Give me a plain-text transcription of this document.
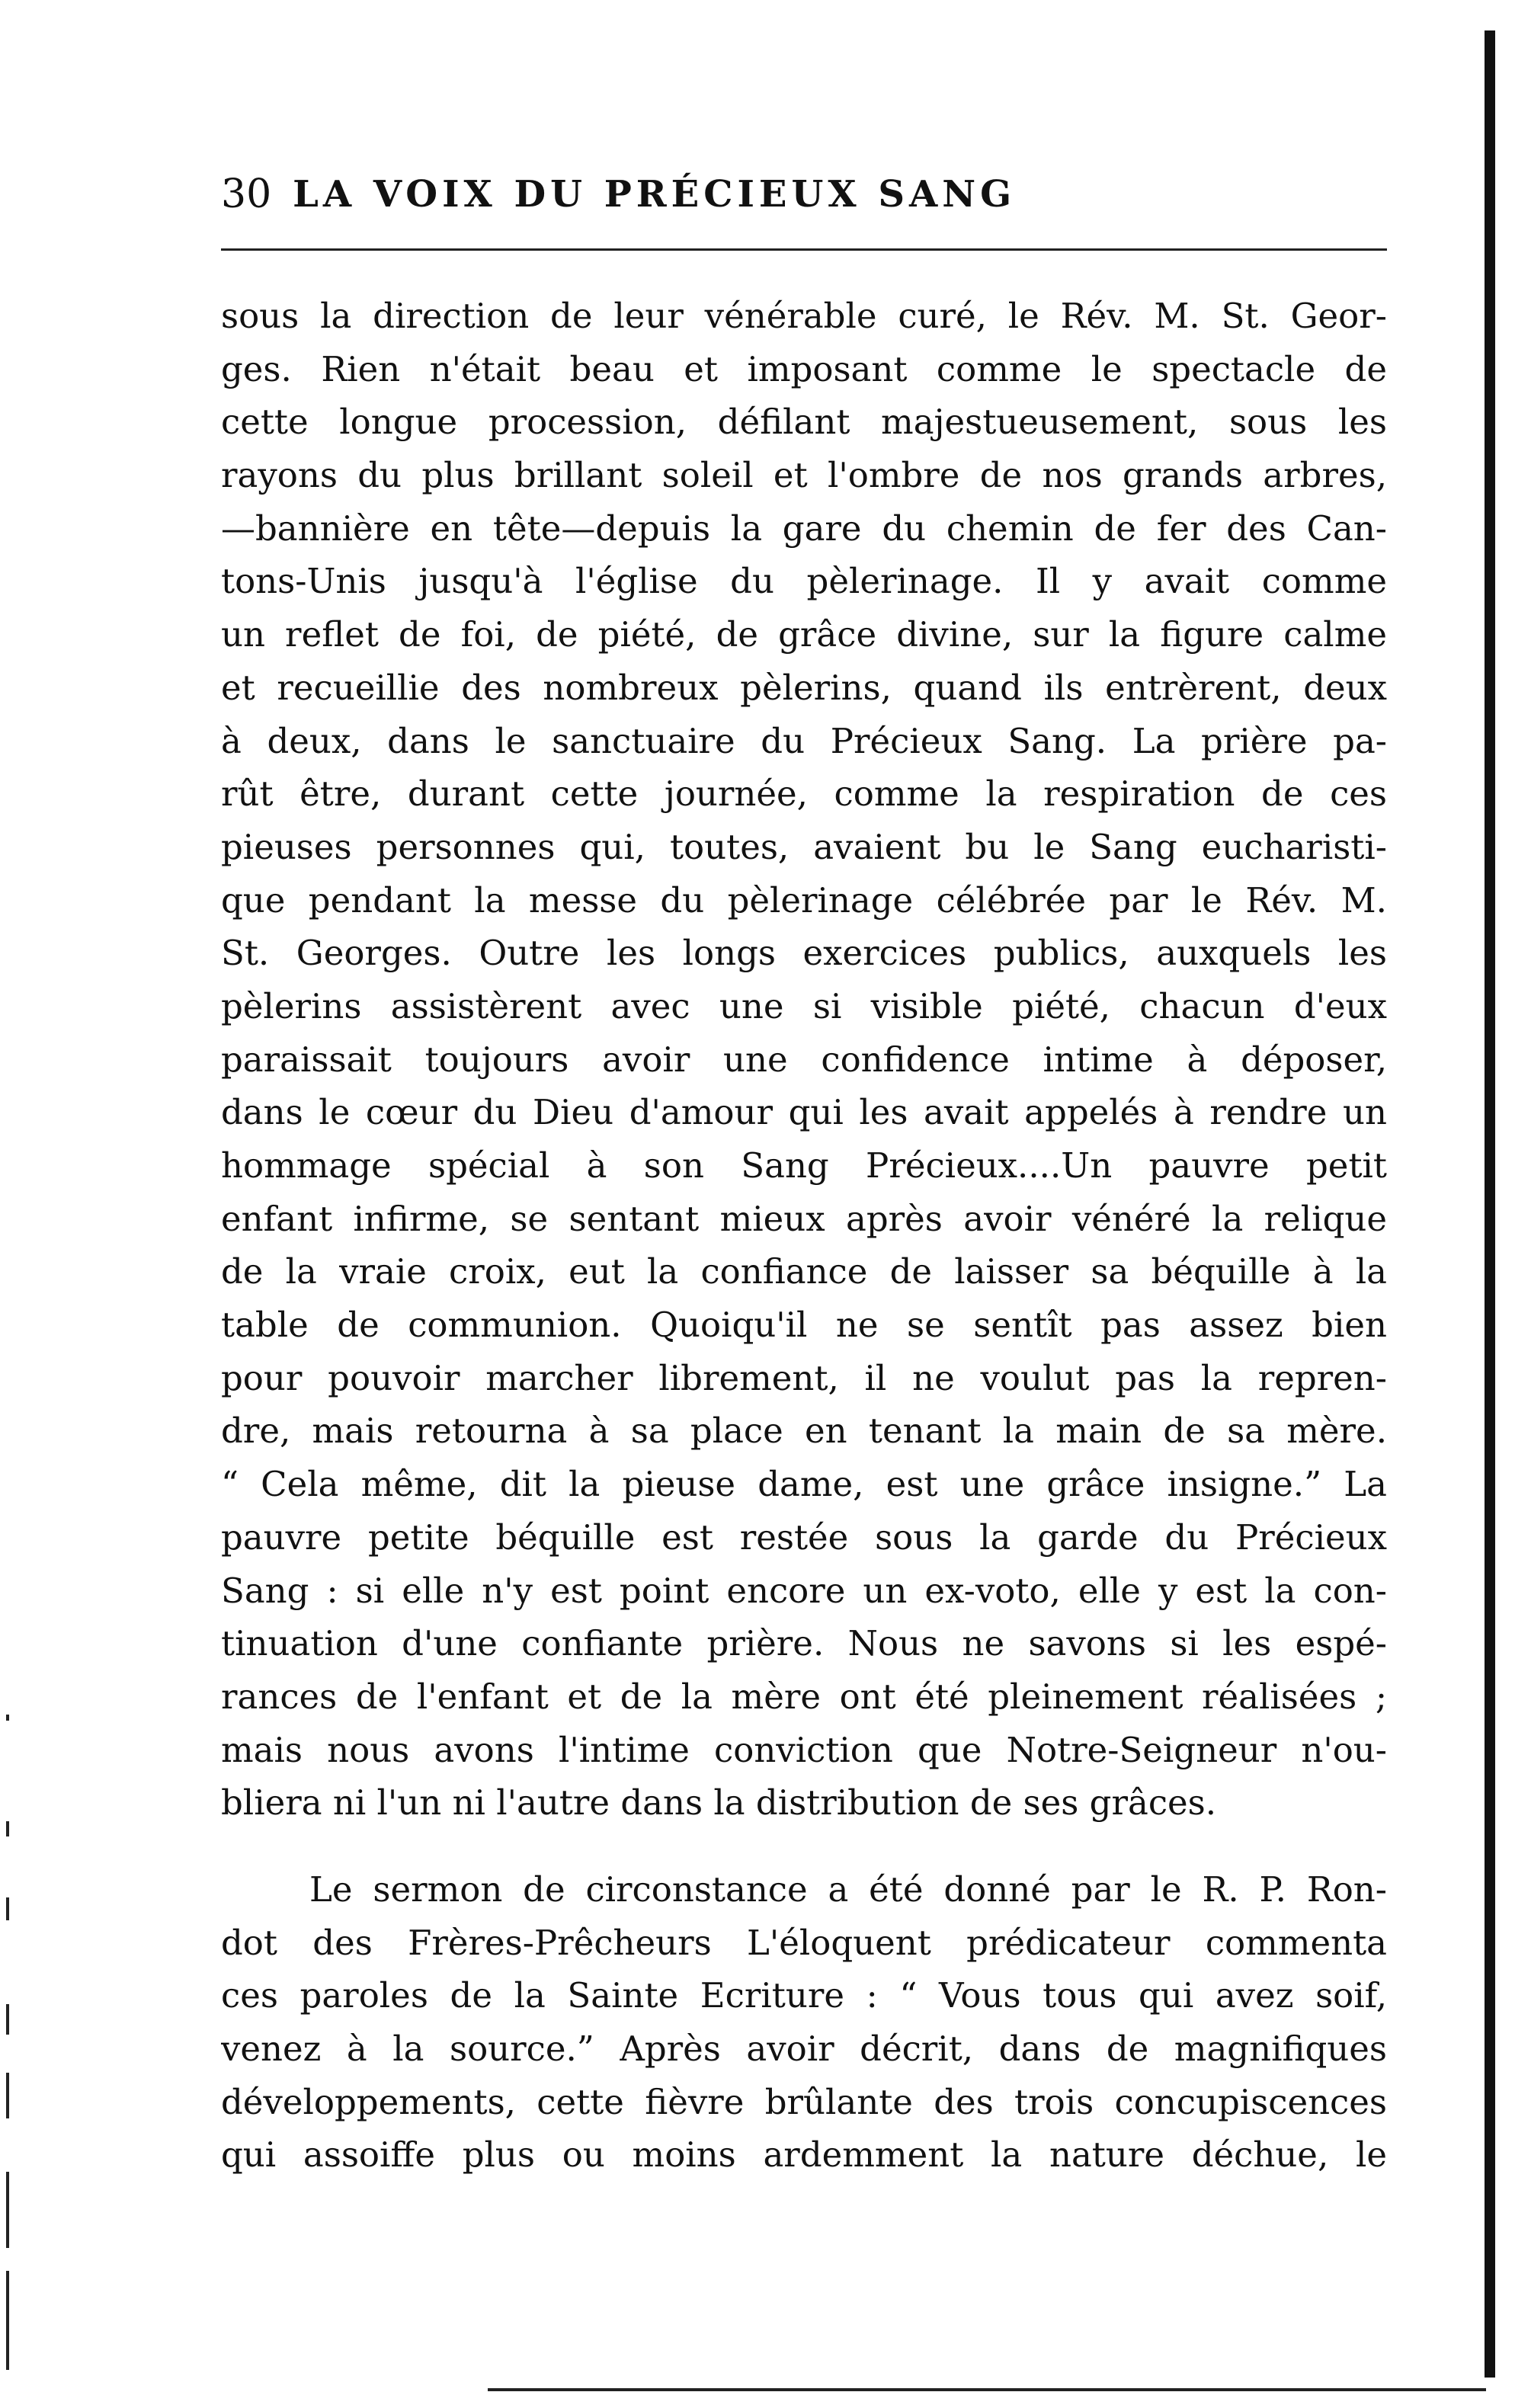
30 LA VOIX DU PRÉCIEUX SANG
sous la direction de leur vénérable curé, le Rév. M. St. Geor-
ges. Rien n'était beau et imposant comme le spectacle de
cette longue procession, défilant majestueusement, sous les
rayons du plus brillant soleil et l'ombre de nos grands arbres,
—bannière en tête—depuis la gare du chemin de fer des Can-
tons-Unis jusqu'à l'église du pèlerinage. Il y avait comme
un reflet de foi, de piété, de grâce divine, sur la figure calme
et recueillie des nombreux pèlerins, quand ils entrèrent, deux
à deux, dans le sanctuaire du Précieux Sang. La prière pa-
rût être, durant cette journée, comme la respiration de ces
pieuses personnes qui, toutes, avaient bu le Sang eucharisti-
que pendant la messe du pèlerinage célébrée par le Rév. M.
St. Georges. Outre les longs exercices publics, auxquels les
pèlerins assistèrent avec une si visible piété, chacun d'eux
paraissait toujours avoir une confidence intime à déposer,
dans le cœur du Dieu d'amour qui les avait appelés à rendre un
hommage spécial à son Sang Précieux....Un pauvre petit
enfant infirme, se sentant mieux après avoir vénéré la relique
de la vraie croix, eut la confiance de laisser sa béquille à la
table de communion. Quoiqu'il ne se sentît pas assez bien
pour pouvoir marcher librement, il ne voulut pas la repren-
dre, mais retourna à sa place en tenant la main de sa mère.
“ Cela même, dit la pieuse dame, est une grâce insigne.” La
pauvre petite béquille est restée sous la garde du Précieux
Sang : si elle n'y est point encore un ex-voto, elle y est la con-
tinuation d'une confiante prière. Nous ne savons si les espé-
rances de l'enfant et de la mère ont été pleinement réalisées ;
mais nous avons l'intime conviction que Notre-Seigneur n'ou-
bliera ni l'un ni l'autre dans la distribution de ses grâces.
Le sermon de circonstance a été donné par le R. P. Ron-
dot des Frères-Prêcheurs L'éloquent prédicateur commenta
ces paroles de la Sainte Ecriture : “ Vous tous qui avez soif,
venez à la source.” Après avoir décrit, dans de magnifiques
développements, cette fièvre brûlante des trois concupiscences
qui assoiffe plus ou moins ardemment la nature déchue, le
